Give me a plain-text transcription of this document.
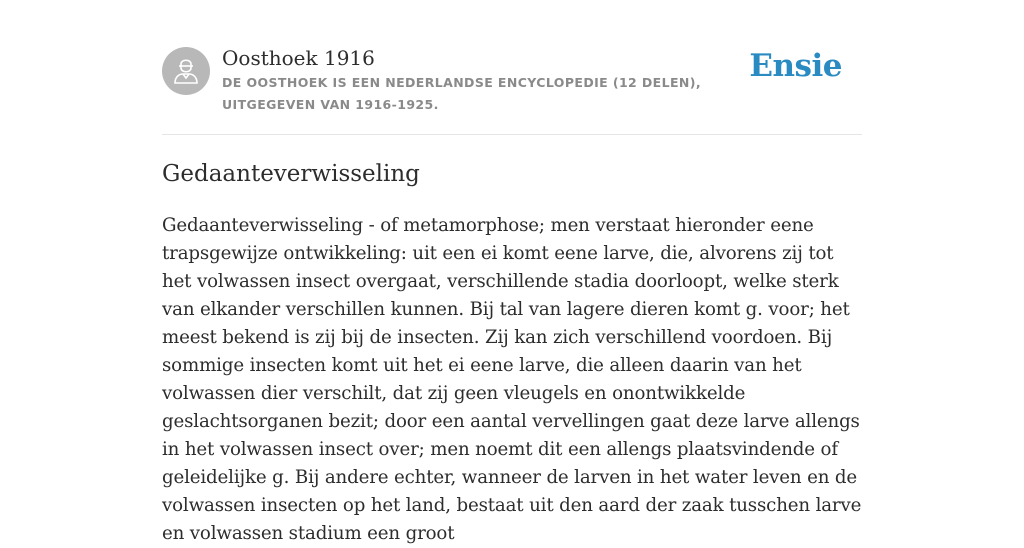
Oosthoek 1916
DE OOSTHOEK IS EEN NEDERLANDSE ENCYCLOPEDIE (12 DELEN), UITGEGEVEN VAN 1916-1925.
Ensie
Gedaanteverwisseling

Gedaanteverwisseling - of metamorphose; men verstaat hieronder eene trapsgewijze ontwikkeling: uit een ei komt eene larve, die, alvorens zij tot het volwassen insect overgaat, verschillende stadia doorloopt, welke sterk van elkander verschillen kunnen. Bij tal van lagere dieren komt g. voor; het meest bekend is zij bij de insecten. Zij kan zich verschillend voordoen. Bij sommige insecten komt uit het ei eene larve, die alleen daarin van het volwassen dier verschilt, dat zij geen vleugels en onontwikkelde geslachtsorganen bezit; door een aantal vervellingen gaat deze larve allengs in het volwassen insect over; men noemt dit een allengs plaatsvindende of geleidelijke g. Bij andere echter, wanneer de larven in het water leven en de volwassen insecten op het land, bestaat uit den aard der zaak tusschen larve en volwassen stadium een groot
